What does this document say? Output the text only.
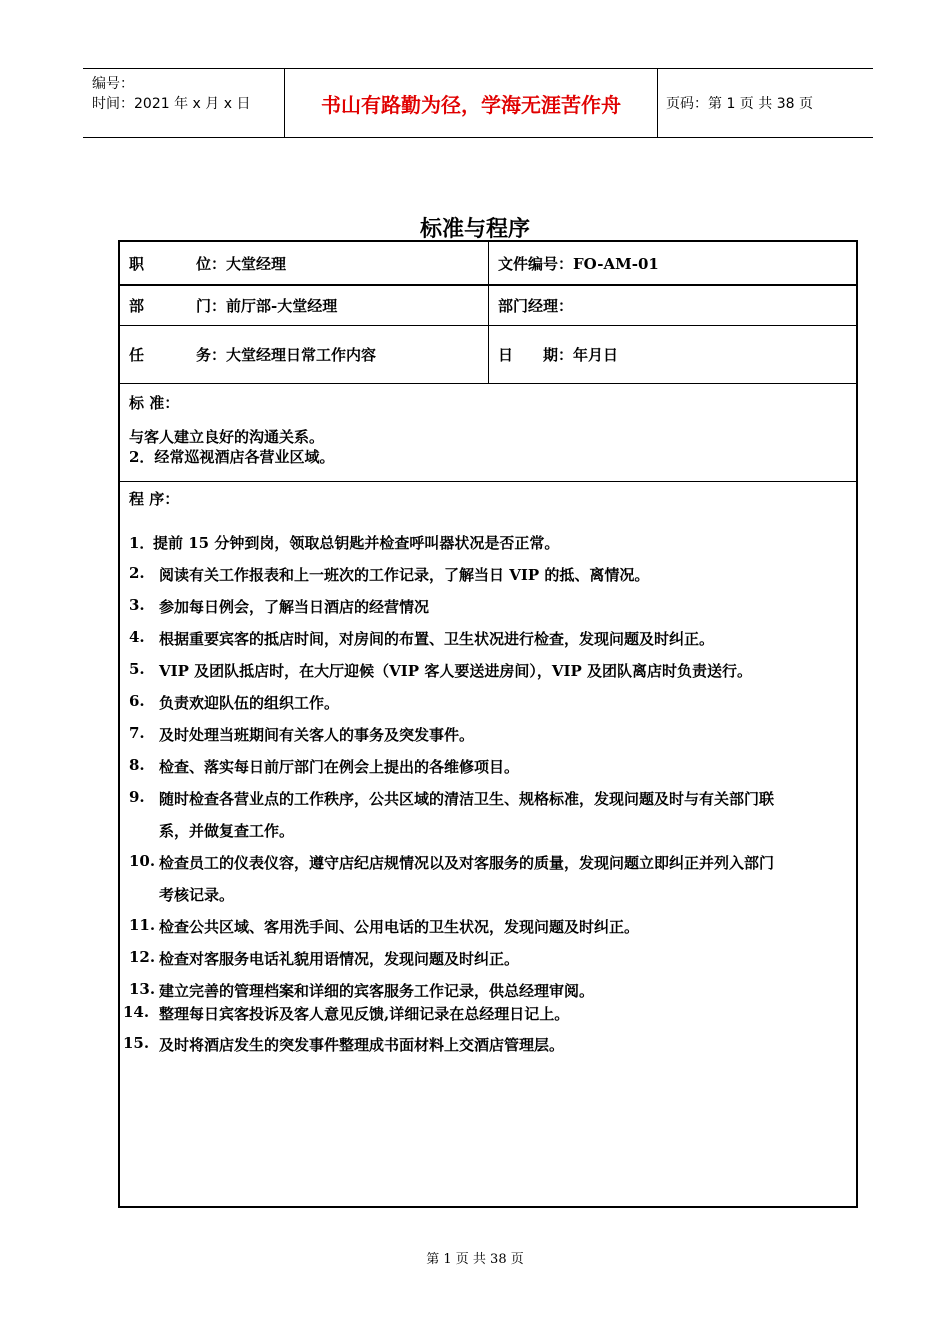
编号：
时间：2021 年 x 月 x 日	书山有路勤为径，学海无涯苦作舟	页码：第 1 页 共 38 页
标准与程序
职	位：大堂经理	文件编号：FO-AM-01
部	门：前厅部-大堂经理	部门经理：
任	务：大堂经理日常工作内容	日 期：年月日
标 准：
与客人建立良好的沟通关系。
2．经常巡视酒店各营业区域。
程 序：
1．
提前 15 分钟到岗，领取总钥匙并检查呼叫器状况是否正常。
2. 阅读有关工作报表和上一班次的工作记录，了解当日 VIP 的抵、离情况。
3. 参加每日例会，了解当日酒店的经营情况
4. 根据重要宾客的抵店时间，对房间的布置、卫生状况进行检查，发现问题及时纠正。
5. VIP 及团队抵店时，在大厅迎候（VIP 客人要送进房间），VIP 及团队离店时负责送行。
6. 负责欢迎队伍的组织工作。
7. 及时处理当班期间有关客人的事务及突发事件。
8. 检查、落实每日前厅部门在例会上提出的各维修项目。
9. 随时检查各营业点的工作秩序，公共区域的清洁卫生、规格标准，发现问题及时与有关部门联
系，并做复查工作。
10. 检查员工的仪表仪容，遵守店纪店规情况以及对客服务的质量，发现问题立即纠正并列入部门
考核记录。
11. 检查公共区域、客用洗手间、公用电话的卫生状况，发现问题及时纠正。
12. 检查对客服务电话礼貌用语情况，发现问题及时纠正。
13. 建立完善的管理档案和详细的宾客服务工作记录，供总经理审阅。
14. 整理每日宾客投诉及客人意见反馈,详细记录在总经理日记上。
15. 及时将酒店发生的突发事件整理成书面材料上交酒店管理层。
第 1 页 共 38 页
